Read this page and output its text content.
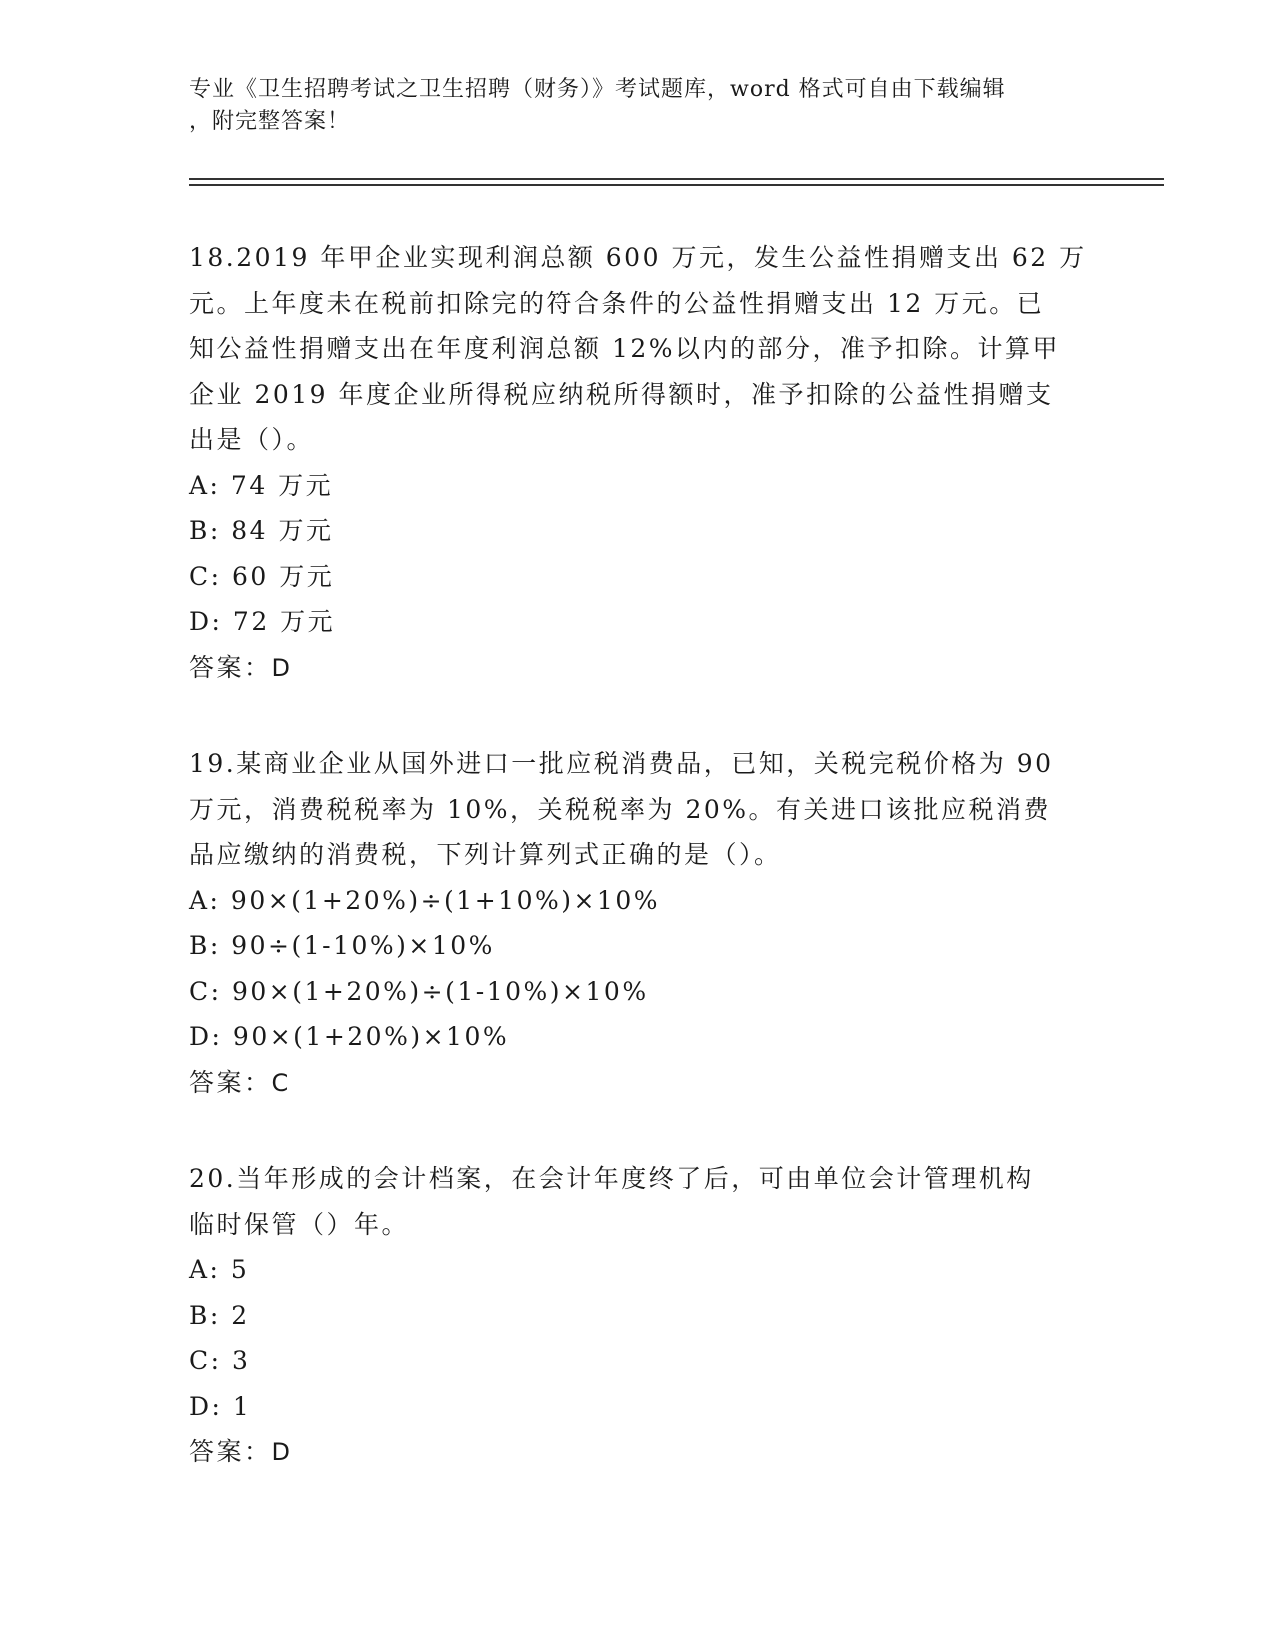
专业《卫生招聘考试之卫生招聘（财务）》考试题库，word 格式可自由下载编辑
，附完整答案！

18.2019 年甲企业实现利润总额 600 万元，发生公益性捐赠支出 62 万

元。上年度未在税前扣除完的符合条件的公益性捐赠支出 12 万元。已

知公益性捐赠支出在年度利润总额 12%以内的部分，准予扣除。计算甲

企业 2019 年度企业所得税应纳税所得额时，准予扣除的公益性捐赠支

出是（）。

A: 74 万元

B: 84 万元

C: 60 万元

D: 72 万元

答案：D

19.某商业企业从国外进口一批应税消费品，已知，关税完税价格为 90

万元，消费税税率为 10%，关税税率为 20%。有关进口该批应税消费

品应缴纳的消费税，下列计算列式正确的是（）。

A: 90×(1+20%)÷(1+10%)×10%

B: 90÷(1-10%)×10%

C: 90×(1+20%)÷(1-10%)×10%

D: 90×(1+20%)×10%

答案：C

20.当年形成的会计档案，在会计年度终了后，可由单位会计管理机构

临时保管（）年。

A: 5

B: 2

C: 3

D: 1

答案：D
